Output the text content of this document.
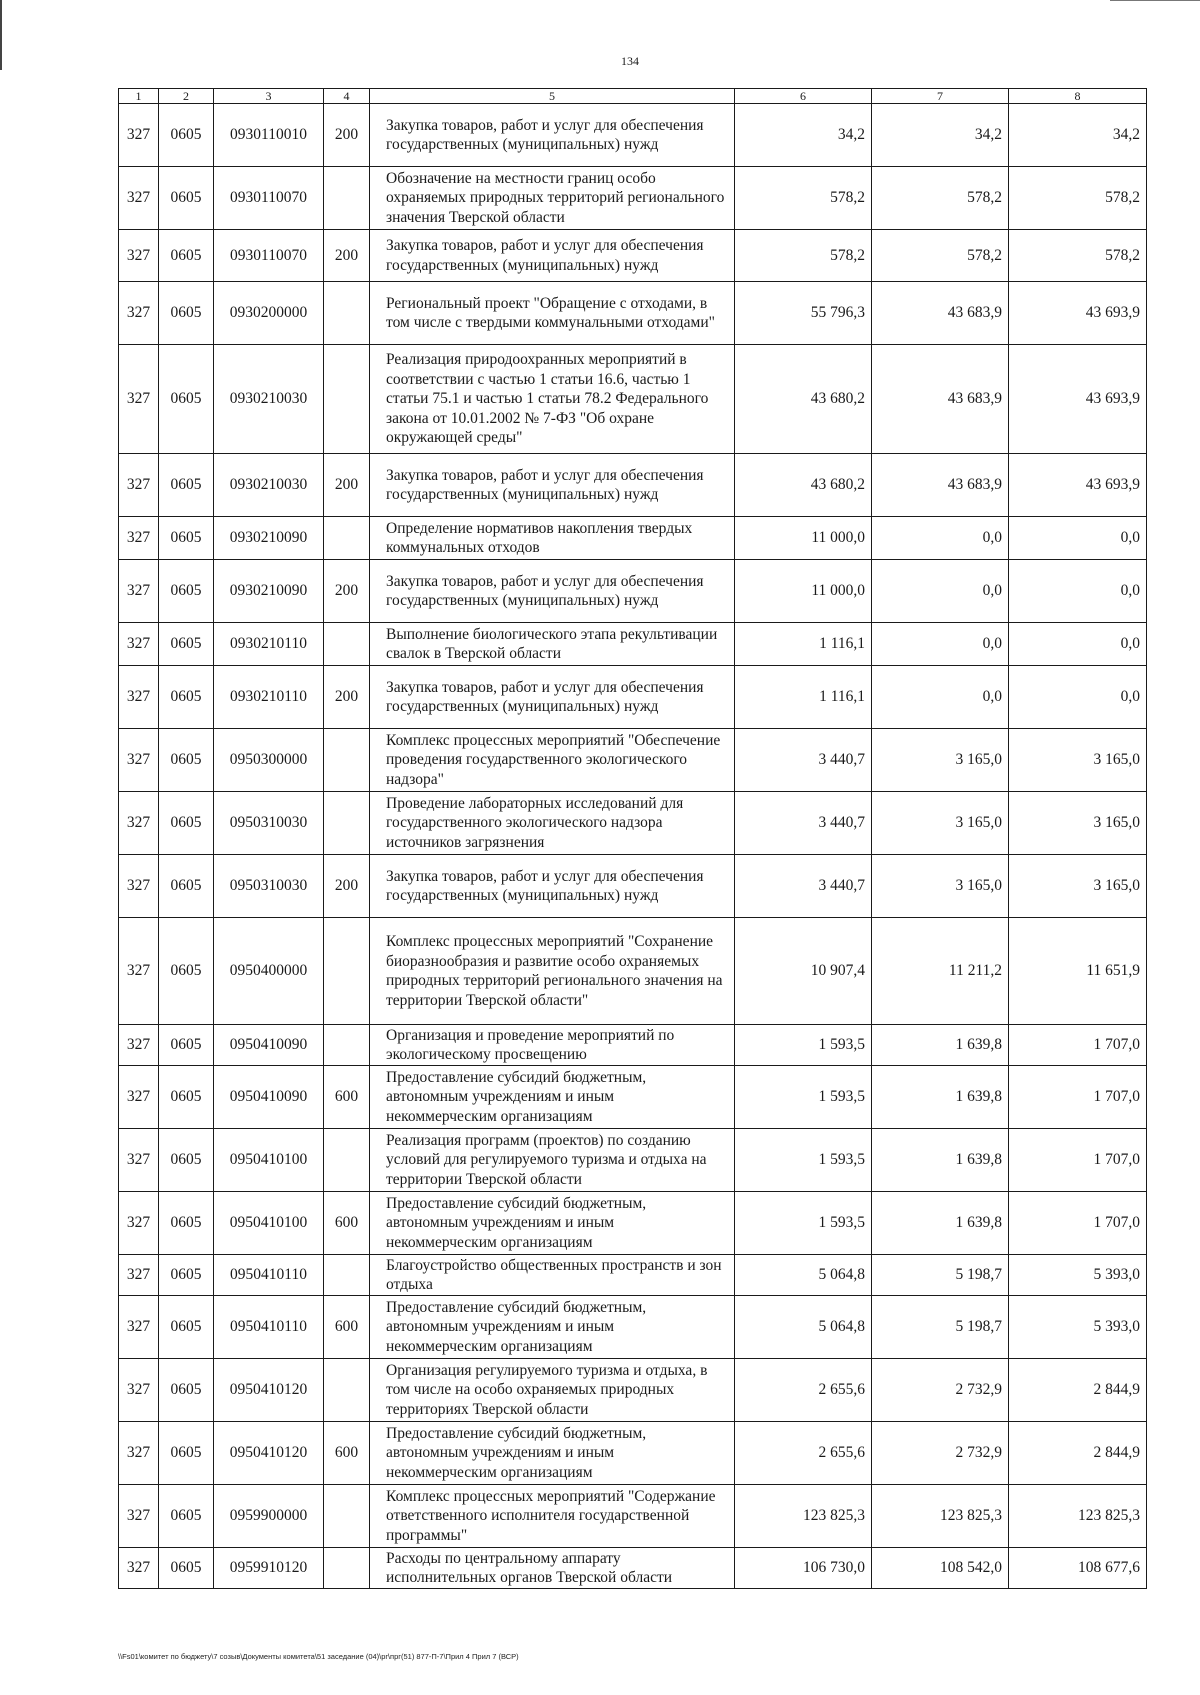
134
1	2	3	4	5	6	7	8
327	0605	0930110010	200	Закупка товаров, работ и услуг для обеспечения государственных (муниципальных) нужд	34,2	34,2	34,2
327	0605	0930110070		Обозначение на местности границ особо охраняемых природных территорий регионального значения Тверской области	578,2	578,2	578,2
327	0605	0930110070	200	Закупка товаров, работ и услуг для обеспечения государственных (муниципальных) нужд	578,2	578,2	578,2
327	0605	0930200000		Региональный проект "Обращение с отходами, в том числе с твердыми коммунальными отходами"	55 796,3	43 683,9	43 693,9
327	0605	0930210030		Реализация природоохранных мероприятий в соответствии с частью 1 статьи 16.6, частью 1 статьи 75.1 и частью 1 статьи 78.2 Федерального закона от 10.01.2002 № 7-ФЗ "Об охране окружающей среды"	43 680,2	43 683,9	43 693,9
327	0605	0930210030	200	Закупка товаров, работ и услуг для обеспечения государственных (муниципальных) нужд	43 680,2	43 683,9	43 693,9
327	0605	0930210090		Определение нормативов накопления твердых коммунальных отходов	11 000,0	0,0	0,0
327	0605	0930210090	200	Закупка товаров, работ и услуг для обеспечения государственных (муниципальных) нужд	11 000,0	0,0	0,0
327	0605	0930210110		Выполнение биологического этапа рекультивации свалок в Тверской области	1 116,1	0,0	0,0
327	0605	0930210110	200	Закупка товаров, работ и услуг для обеспечения государственных (муниципальных) нужд	1 116,1	0,0	0,0
327	0605	0950300000		Комплекс процессных мероприятий "Обеспечение проведения государственного экологического надзора"	3 440,7	3 165,0	3 165,0
327	0605	0950310030		Проведение лабораторных исследований для государственного экологического надзора источников загрязнения	3 440,7	3 165,0	3 165,0
327	0605	0950310030	200	Закупка товаров, работ и услуг для обеспечения государственных (муниципальных) нужд	3 440,7	3 165,0	3 165,0
327	0605	0950400000		Комплекс процессных мероприятий "Сохранение биоразнообразия и развитие особо охраняемых природных территорий регионального значения на территории Тверской области"	10 907,4	11 211,2	11 651,9
327	0605	0950410090		Организация и проведение мероприятий по экологическому просвещению	1 593,5	1 639,8	1 707,0
327	0605	0950410090	600	Предоставление субсидий бюджетным, автономным учреждениям и иным некоммерческим организациям	1 593,5	1 639,8	1 707,0
327	0605	0950410100		Реализация программ (проектов) по созданию условий для регулируемого туризма и отдыха на территории Тверской области	1 593,5	1 639,8	1 707,0
327	0605	0950410100	600	Предоставление субсидий бюджетным, автономным учреждениям и иным некоммерческим организациям	1 593,5	1 639,8	1 707,0
327	0605	0950410110		Благоустройство общественных пространств и зон отдыха	5 064,8	5 198,7	5 393,0
327	0605	0950410110	600	Предоставление субсидий бюджетным, автономным учреждениям и иным некоммерческим организациям	5 064,8	5 198,7	5 393,0
327	0605	0950410120		Организация регулируемого туризма и отдыха, в том числе на особо охраняемых природных территориях Тверской области	2 655,6	2 732,9	2 844,9
327	0605	0950410120	600	Предоставление субсидий бюджетным, автономным учреждениям и иным некоммерческим организациям	2 655,6	2 732,9	2 844,9
327	0605	0959900000		Комплекс процессных мероприятий "Содержание ответственного исполнителя государственной программы"	123 825,3	123 825,3	123 825,3
327	0605	0959910120		Расходы по центральному аппарату исполнительных органов Тверской области	106 730,0	108 542,0	108 677,6
\\Fs01\комитет по бюджету\7 созыв\Документы комитета\51 заседание (04)\pr\прг(51) 877-П-7\Прил 4 Прил 7 (ВСР)
